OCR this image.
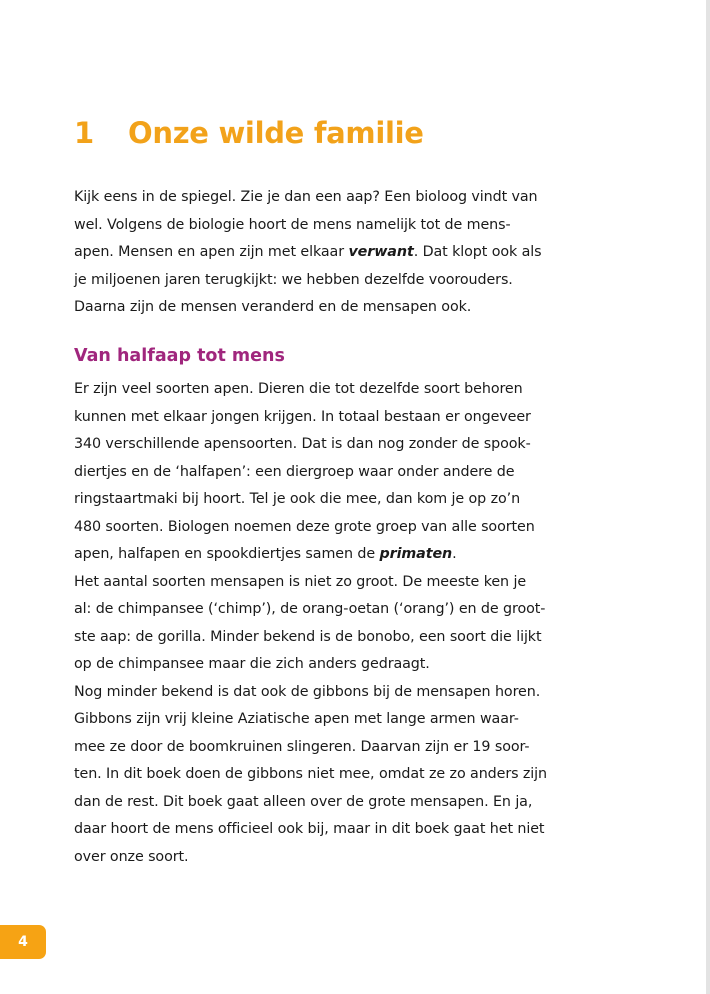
1 Onze wilde familie
Kijk eens in de spiegel. Zie je dan een aap? Een bioloog vindt van
wel. Volgens de biologie hoort de mens namelijk tot de mens-
apen. Mensen en apen zijn met elkaar verwant. Dat klopt ook als
je miljoenen jaren terugkijkt: we hebben dezelfde voorouders.
Daarna zijn de mensen veranderd en de mensapen ook.
Van halfaap tot mens
Er zijn veel soorten apen. Dieren die tot dezelfde soort behoren
kunnen met elkaar jongen krijgen. In totaal bestaan er ongeveer
340 verschillende apensoorten. Dat is dan nog zonder de spook-
diertjes en de ‘halfapen’: een diergroep waar onder andere de
ringstaartmaki bij hoort. Tel je ook die mee, dan kom je op zo’n
480 soorten. Biologen noemen deze grote groep van alle soorten
apen, halfapen en spookdiertjes samen de primaten.
Het aantal soorten mensapen is niet zo groot. De meeste ken je
al: de chimpansee (‘chimp’), de orang-oetan (‘orang’) en de groot-
ste aap: de gorilla. Minder bekend is de bonobo, een soort die lijkt
op de chimpansee maar die zich anders gedraagt.
Nog minder bekend is dat ook de gibbons bij de mensapen horen.
Gibbons zijn vrij kleine Aziatische apen met lange armen waar-
mee ze door de boomkruinen slingeren. Daarvan zijn er 19 soor-
ten. In dit boek doen de gibbons niet mee, omdat ze zo anders zijn
dan de rest. Dit boek gaat alleen over de grote mensapen. En ja,
daar hoort de mens officieel ook bij, maar in dit boek gaat het niet
over onze soort.
4
